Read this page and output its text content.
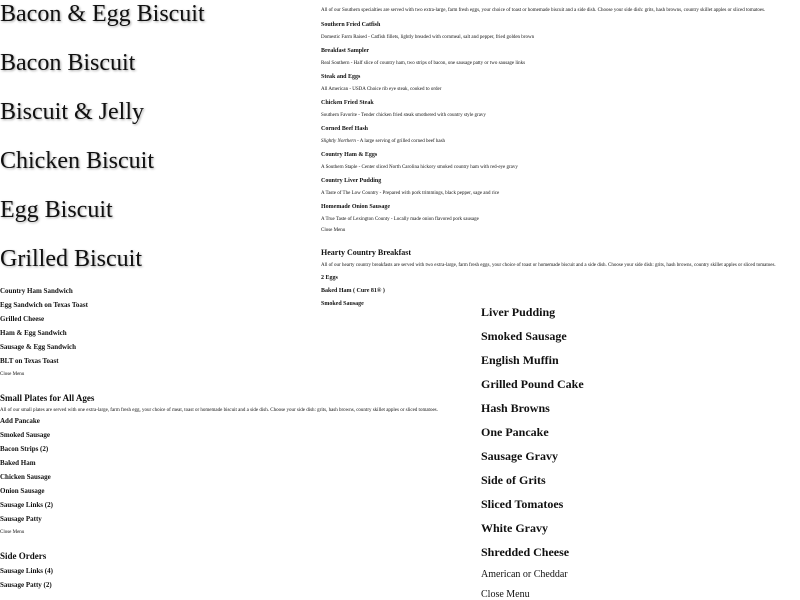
Bacon & Egg Biscuit

Bacon Biscuit

Biscuit & Jelly

Chicken Biscuit

Egg Biscuit

Grilled Biscuit

Country Ham Sandwich

Egg Sandwich on Texas Toast

Grilled Cheese

Ham & Egg Sandwich

Sausage & Egg Sandwich

BLT on Texas Toast

Close Menu

Small Plates for All Ages

All of our small plates are served with one extra-large, farm fresh egg, your choice of meat, toast or homemade biscuit and a side dish. Choose your side dish: grits, hash browns, country skillet apples or sliced tomatoes.

Add Pancake

Smoked Sausage

Bacon Strips (2)

Baked Ham

Chicken Sausage

Onion Sausage

Sausage Links (2)

Sausage Patty

Close Menu

Side Orders

Sausage Links (4)

Sausage Patty (2)

All of our Southern specialties are served with two extra-large, farm fresh eggs, your choice of toast or homemade biscuit and a side dish. Choose your side dish: grits, hash browns, country skillet apples or sliced tomatoes.

Southern Fried Catfish

Domestic Farm Raised - Catfish fillets, lightly breaded with cornmeal, salt and pepper, fried golden brown

Breakfast Sampler

Real Southern - Half slice of country ham, two strips of bacon, one sausage patty or two sausage links

Steak and Eggs

All American - USDA Choice rib eye steak, cooked to order

Chicken Fried Steak

Southern Favorite - Tender chicken fried steak smothered with country style gravy

Corned Beef Hash

Slightly Northern - A large serving of grilled corned beef hash

Country Ham & Eggs

A Southern Staple - Center sliced North Carolina hickory smoked country ham with red-eye gravy

Country Liver Pudding

A Taste of The Low Country - Prepared with pork trimmings, black pepper, sage and rice

Homemade Onion Sausage

A True Taste of Lexington County - Locally made onion flavored pork sausage

Close Menu

Hearty Country Breakfast

All of our hearty country breakfasts are served with two extra-large, farm fresh eggs, your choice of toast or homemade biscuit and a side dish. Choose your side dish: grits, hash browns, country skillet apples or sliced tomatoes.

2 Eggs

Baked Ham ( Cure 81® )

Smoked Sausage

Liver Pudding

Smoked Sausage

English Muffin

Grilled Pound Cake

Hash Browns

One Pancake

Sausage Gravy

Side of Grits

Sliced Tomatoes

White Gravy

Shredded Cheese

American or Cheddar

Close Menu
